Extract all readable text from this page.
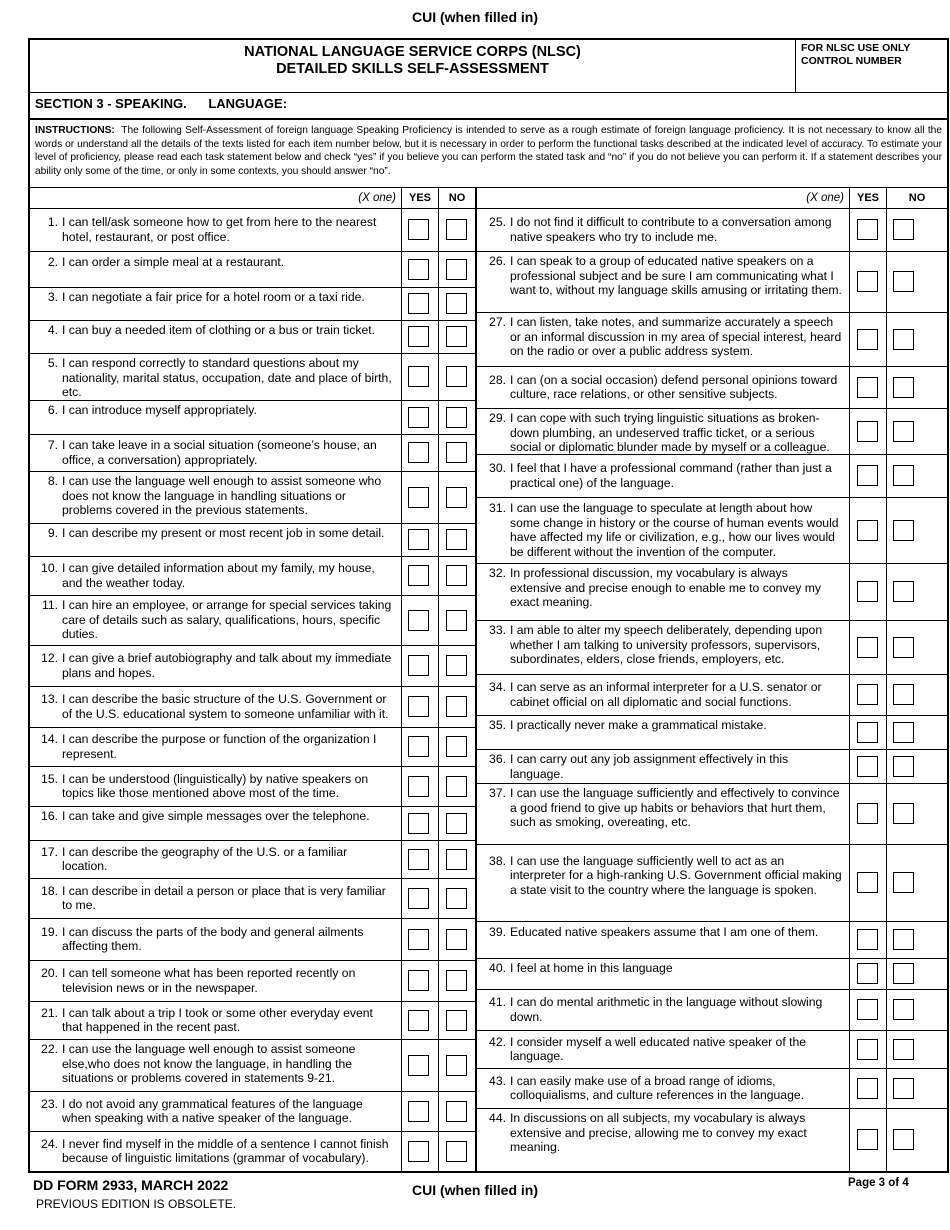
CUI (when filled in)
NATIONAL LANGUAGE SERVICE CORPS (NLSC)
DETAILED SKILLS SELF-ASSESSMENT
FOR NLSC USE ONLY
CONTROL NUMBER
SECTION 3 - SPEAKING. LANGUAGE:
INSTRUCTIONS: The following Self-Assessment of foreign language Speaking Proficiency is intended to serve as a rough estimate of foreign language proficiency. It is not necessary to know all the words or understand all the details of the texts listed for each item number below, but it is necessary in order to perform the functional tasks described at the indicated level of accuracy. To estimate your level of proficiency, please read each task statement below and check “yes” if you believe you can perform the stated task and “no” if you do not believe you can perform it. If a statement describes your ability only some of the time, or only in some contexts, you should answer “no”.
(X one)	YES	NO	(X one)	YES	NO
1. I can tell/ask someone how to get from here to the nearest hotel, restaurant, or post office.
2. I can order a simple meal at a restaurant.
3. I can negotiate a fair price for a hotel room or a taxi ride.
4. I can buy a needed item of clothing or a bus or train ticket.
5. I can respond correctly to standard questions about my nationality, marital status, occupation, date and place of birth, etc.
6. I can introduce myself appropriately.
7. I can take leave in a social situation (someone’s house, an office, a conversation) appropriately.
8. I can use the language well enough to assist someone who does not know the language in handling situations or problems covered in the previous statements.
9. I can describe my present or most recent job in some detail.
10. I can give detailed information about my family, my house, and the weather today.
11. I can hire an employee, or arrange for special services taking care of details such as salary, qualifications, hours, specific duties.
12. I can give a brief autobiography and talk about my immediate plans and hopes.
13. I can describe the basic structure of the U.S. Government or of the U.S. educational system to someone unfamiliar with it.
14. I can describe the purpose or function of the organization I represent.
15. I can be understood (linguistically) by native speakers on topics like those mentioned above most of the time.
16. I can take and give simple messages over the telephone.
17. I can describe the geography of the U.S. or a familiar location.
18. I can describe in detail a person or place that is very familiar to me.
19. I can discuss the parts of the body and general ailments affecting them.
20. I can tell someone what has been reported recently on television news or in the newspaper.
21. I can talk about a trip I took or some other everyday event that happened in the recent past.
22. I can use the language well enough to assist someone else,who does not know the language, in handling the situations or problems covered in statements 9-21.
23. I do not avoid any grammatical features of the language when speaking with a native speaker of the language.
24. I never find myself in the middle of a sentence I cannot finish because of linguistic limitations (grammar of vocabulary).
25. I do not find it difficult to contribute to a conversation among native speakers who try to include me.
26. I can speak to a group of educated native speakers on a professional subject and be sure I am communicating what I want to, without my language skills amusing or irritating them.
27. I can listen, take notes, and summarize accurately a speech or an informal discussion in my area of special interest, heard on the radio or over a public address system.
28. I can (on a social occasion) defend personal opinions toward culture, race relations, or other sensitive subjects.
29. I can cope with such trying linguistic situations as broken-down plumbing, an undeserved traffic ticket, or a serious social or diplomatic blunder made by myself or a colleague.
30. I feel that I have a professional command (rather than just a practical one) of the language.
31. I can use the language to speculate at length about how some change in history or the course of human events would have affected my life or civilization, e.g., how our lives would be different without the invention of the computer.
32. In professional discussion, my vocabulary is always extensive and precise enough to enable me to convey my exact meaning.
33. I am able to alter my speech deliberately, depending upon whether I am talking to university professors, supervisors, subordinates, elders, close friends, employers, etc.
34. I can serve as an informal interpreter for a U.S. senator or cabinet official on all diplomatic and social functions.
35. I practically never make a grammatical mistake.
36. I can carry out any job assignment effectively in this language.
37. I can use the language sufficiently and effectively to convince a good friend to give up habits or behaviors that hurt them, such as smoking, overeating, etc.
38. I can use the language sufficiently well to act as an interpreter for a high-ranking U.S. Government official making a state visit to the country where the language is spoken.
39. Educated native speakers assume that I am one of them.
40. I feel at home in this language
41. I can do mental arithmetic in the language without slowing down.
42. I consider myself a well educated native speaker of the language.
43. I can easily make use of a broad range of idioms, colloquialisms, and culture references in the language.
44. In discussions on all subjects, my vocabulary is always extensive and precise, allowing me to convey my exact meaning.
DD FORM 2933, MARCH 2022
PREVIOUS EDITION IS OBSOLETE.
CUI (when filled in)	Page 3 of 4
